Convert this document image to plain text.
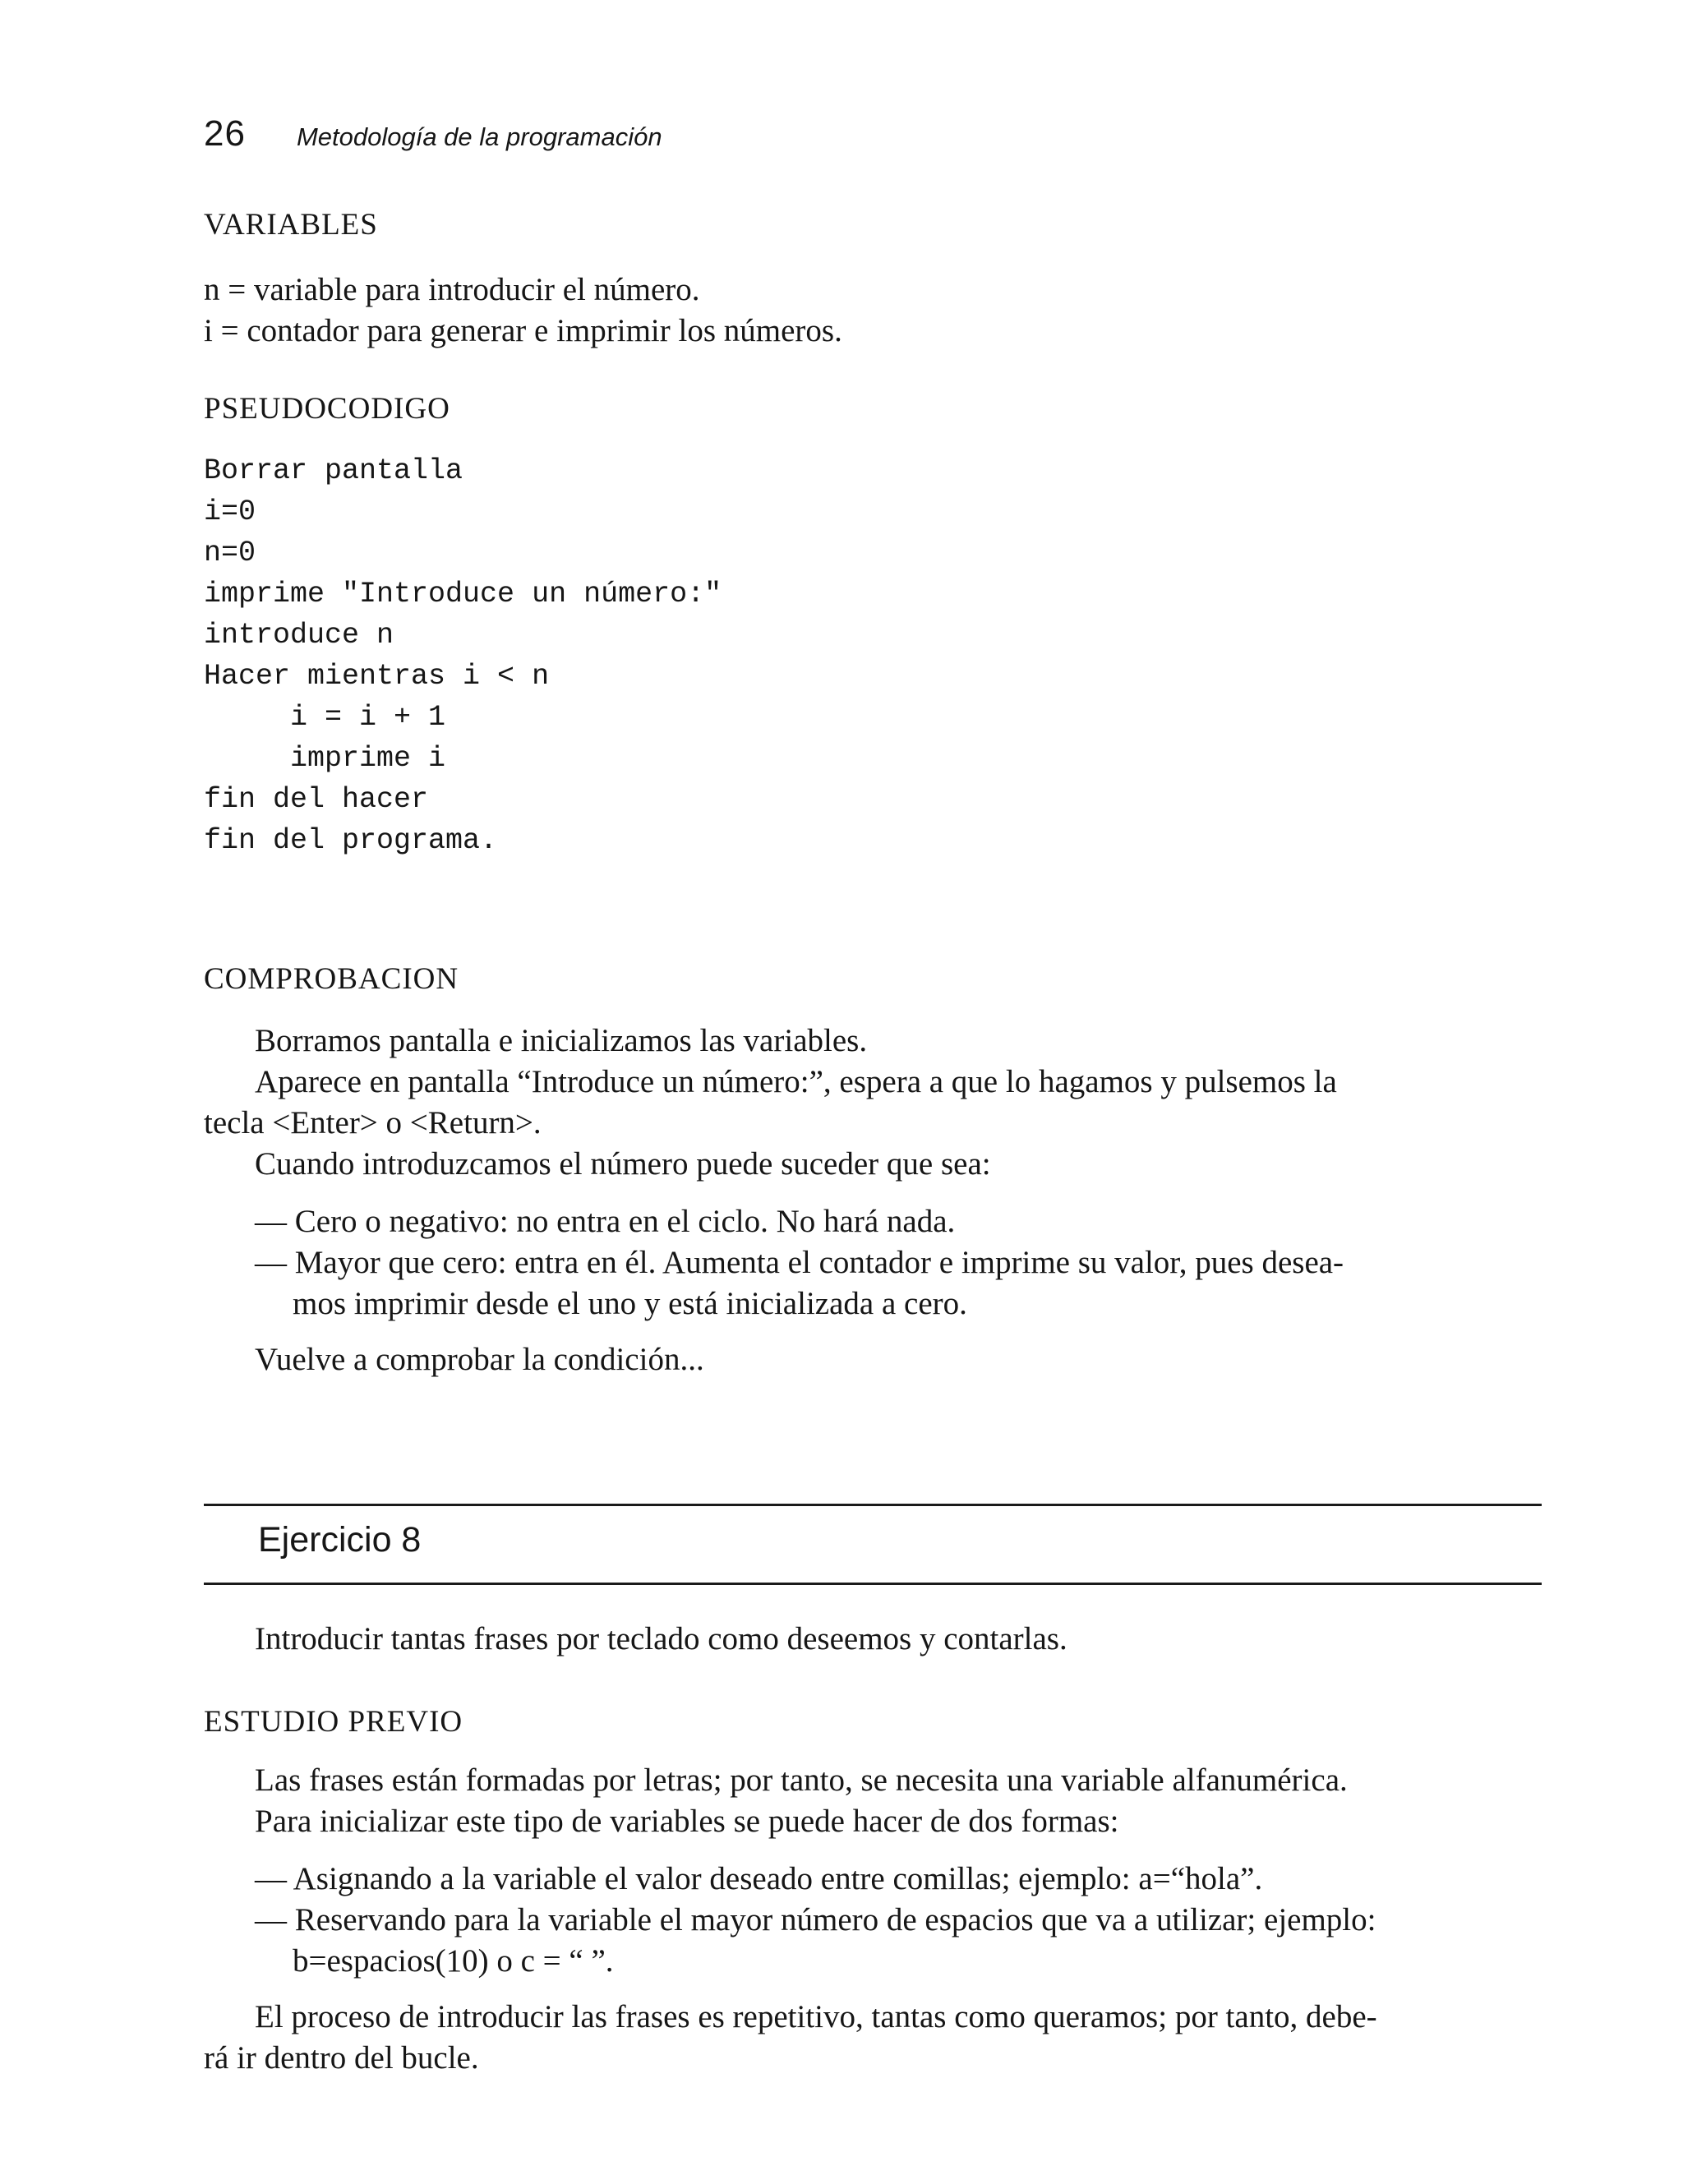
26 Metodología de la programación
VARIABLES
n = variable para introducir el número.
i = contador para generar e imprimir los números.
PSEUDOCODIGO
Borrar pantalla
i=0
n=0
imprime "Introduce un número:"
introduce n
Hacer mientras i < n
i = i + 1
imprime i
fin del hacer
fin del programa.
COMPROBACION
Borramos pantalla e inicializamos las variables.
Aparece en pantalla “Introduce un número:”, espera a que lo hagamos y pulsemos la
tecla <Enter> o <Return>.
Cuando introduzcamos el número puede suceder que sea:
— Cero o negativo: no entra en el ciclo. No hará nada.
— Mayor que cero: entra en él. Aumenta el contador e imprime su valor, pues desea-
mos imprimir desde el uno y está inicializada a cero.
Vuelve a comprobar la condición...
Ejercicio 8
Introducir tantas frases por teclado como deseemos y contarlas.
ESTUDIO PREVIO
Las frases están formadas por letras; por tanto, se necesita una variable alfanumérica.
Para inicializar este tipo de variables se puede hacer de dos formas:
— Asignando a la variable el valor deseado entre comillas; ejemplo: a=“hola”.
— Reservando para la variable el mayor número de espacios que va a utilizar; ejemplo:
b=espacios(10) o c = “ ”.
El proceso de introducir las frases es repetitivo, tantas como queramos; por tanto, debe-
rá ir dentro del bucle.
